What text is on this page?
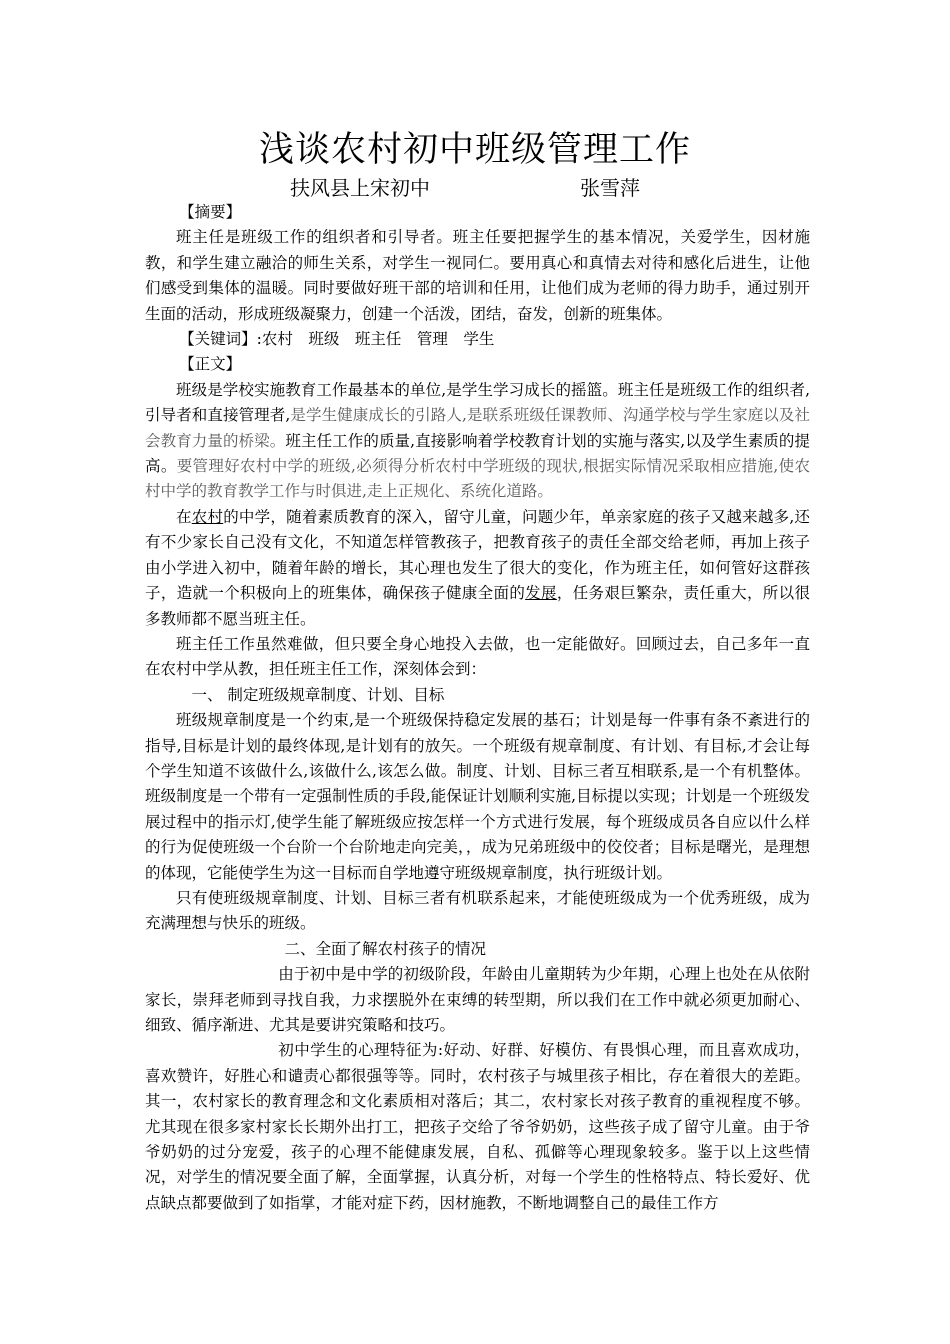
浅谈农村初中班级管理工作
扶风县上宋初中	张雪萍

【摘要】

班主任是班级工作的组织者和引导者。班主任要把握学生的基本情况，关爱学生，因材施教，和学生建立融洽的师生关系，对学生一视同仁。要用真心和真情去对待和感化后进生，让他们感受到集体的温暖。同时要做好班干部的培训和任用，让他们成为老师的得力助手，通过别开生面的活动，形成班级凝聚力，创建一个活泼，团结，奋发，创新的班集体。

【关键词】:农村 班级 班主任 管理 学生

【正文】

班级是学校实施教育工作最基本的单位,是学生学习成长的摇篮。班主任是班级工作的组织者,引导者和直接管理者,是学生健康成长的引路人,是联系班级任课教师、沟通学校与学生家庭以及社会教育力量的桥梁。班主任工作的质量,直接影响着学校教育计划的实施与落实,以及学生素质的提高。要管理好农村中学的班级,必须得分析农村中学班级的现状,根据实际情况采取相应措施,使农村中学的教育教学工作与时俱进,走上正规化、系统化道路。

在农村的中学，随着素质教育的深入，留守儿童，问题少年，单亲家庭的孩子又越来越多,还有不少家长自己没有文化，不知道怎样管教孩子，把教育孩子的责任全部交给老师，再加上孩子由小学进入初中，随着年龄的增长，其心理也发生了很大的变化，作为班主任，如何管好这群孩子，造就一个积极向上的班集体，确保孩子健康全面的发展，任务艰巨繁杂，责任重大，所以很多教师都不愿当班主任。

班主任工作虽然难做，但只要全身心地投入去做，也一定能做好。回顾过去，自己多年一直在农村中学从教，担任班主任工作，深刻体会到：

一、 制定班级规章制度、计划、目标

班级规章制度是一个约束,是一个班级保持稳定发展的基石；计划是每一件事有条不紊进行的指导,目标是计划的最终体现,是计划有的放矢。一个班级有规章制度、有计划、有目标,才会让每个学生知道不该做什么,该做什么,该怎么做。制度、计划、目标三者互相联系,是一个有机整体。班级制度是一个带有一定强制性质的手段,能保证计划顺利实施,目标提以实现；计划是一个班级发展过程中的指示灯,使学生能了解班级应按怎样一个方式进行发展，每个班级成员各自应以什么样的行为促使班级一个台阶一个台阶地走向完美，，成为兄弟班级中的佼佼者；目标是曙光，是理想的体现，它能使学生为这一目标而自学地遵守班级规章制度，执行班级计划。

只有使班级规章制度、计划、目标三者有机联系起来，才能使班级成为一个优秀班级，成为充满理想与快乐的班级。

二、全面了解农村孩子的情况

由于初中是中学的初级阶段，年龄由儿童期转为少年期，心理上也处在从依附家长，崇拜老师到寻找自我，力求摆脱外在束缚的转型期，所以我们在工作中就必须更加耐心、细致、循序渐进、尤其是要讲究策略和技巧。

初中学生的心理特征为:好动、好群、好模仿、有畏惧心理，而且喜欢成功，喜欢赞许，好胜心和谴责心都很强等等。同时，农村孩子与城里孩子相比，存在着很大的差距。其一，农村家长的教育理念和文化素质相对落后；其二，农村家长对孩子教育的重视程度不够。尤其现在很多家村家长长期外出打工，把孩子交给了爷爷奶奶，这些孩子成了留守儿童。由于爷爷奶奶的过分宠爱，孩子的心理不能健康发展，自私、孤僻等心理现象较多。鉴于以上这些情况，对学生的情况要全面了解，全面掌握，认真分析，对每一个学生的性格特点、特长爱好、优点缺点都要做到了如指掌，才能对症下药，因材施教，不断地调整自己的最佳工作方
